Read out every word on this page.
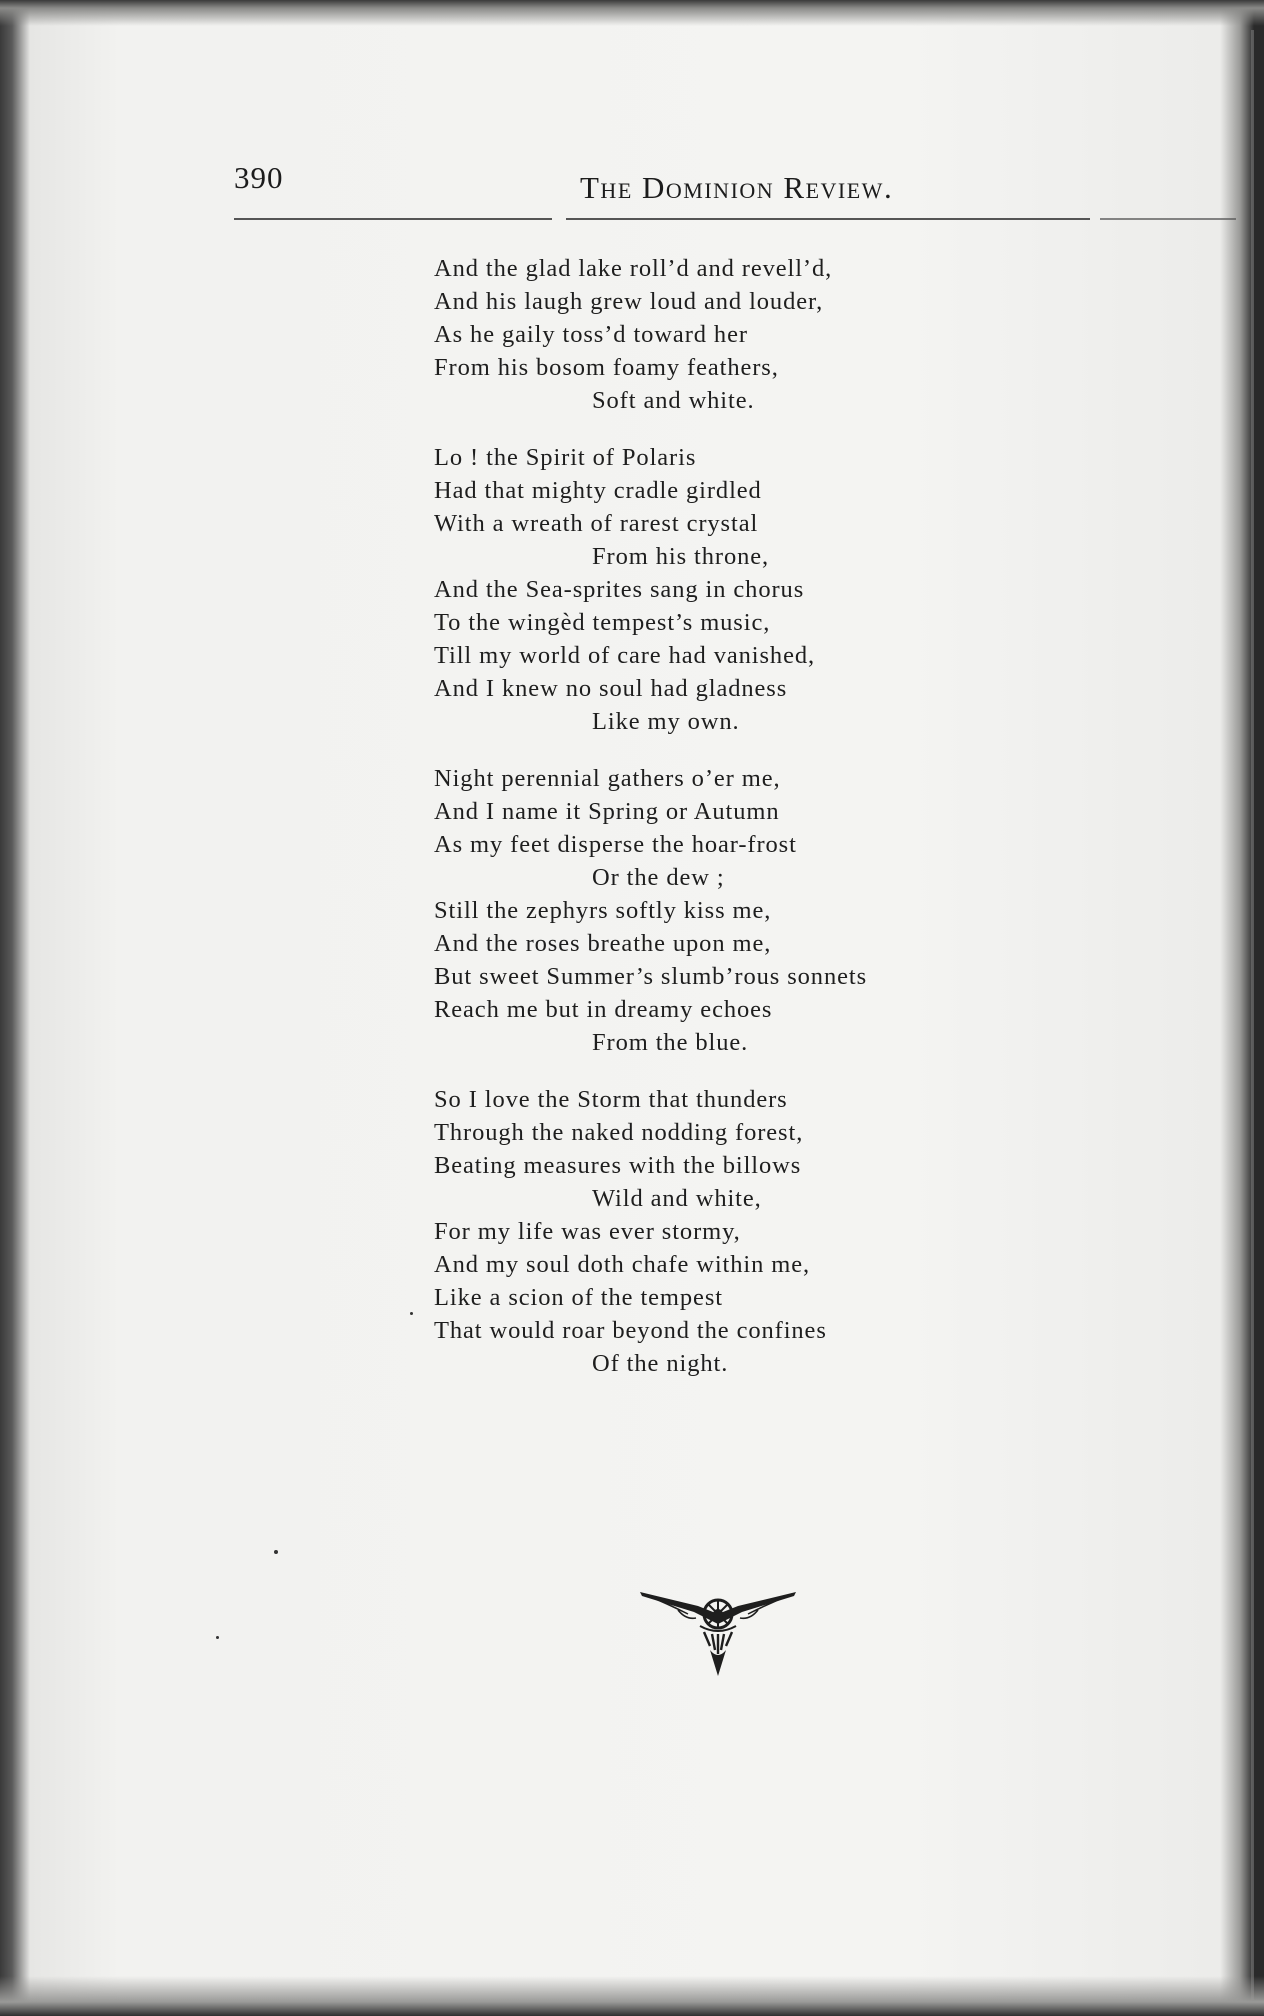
390	The Dominion Review.
And the glad lake roll’d and revell’d,
And his laugh grew loud and louder,
As he gaily toss’d toward her
From his bosom foamy feathers,
Soft and white.
Lo ! the Spirit of Polaris
Had that mighty cradle girdled
With a wreath of rarest crystal
From his throne,
And the Sea-sprites sang in chorus
To the wingèd tempest’s music,
Till my world of care had vanished,
And I knew no soul had gladness
Like my own.
Night perennial gathers o’er me,
And I name it Spring or Autumn
As my feet disperse the hoar-frost
Or the dew ;
Still the zephyrs softly kiss me,
And the roses breathe upon me,
But sweet Summer’s slumb’rous sonnets
Reach me but in dreamy echoes
From the blue.
So I love the Storm that thunders
Through the naked nodding forest,
Beating measures with the billows
Wild and white,
For my life was ever stormy,
And my soul doth chafe within me,
Like a scion of the tempest
That would roar beyond the confines
Of the night.
